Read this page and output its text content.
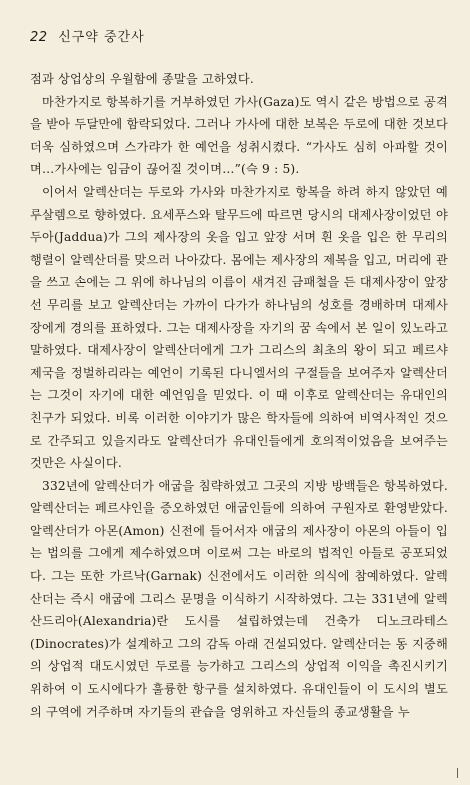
22 신구약 중간사

점과 상업상의 우월함에 종말을 고하였다.

마찬가지로 항복하기를 거부하였던 가사(Gaza)도 역시 같은 방법으로 공격을 받아 두달만에 함락되었다. 그러나 가사에 대한 보복은 두로에 대한 것보다 더욱 심하였으며 스가랴가 한 예언을 성취시켰다. “가사도 심히 아파할 것이며…가사에는 임금이 끊어질 것이며…”(슥 9 : 5).

이어서 알렉산더는 두로와 가사와 마찬가지로 항복을 하려 하지 않았던 예루살렘으로 향하였다. 요세푸스와 탈무드에 따르면 당시의 대제사장이었던 야두아(Jaddua)가 그의 제사장의 옷을 입고 앞장 서며 흰 옷을 입은 한 무리의 행렬이 알렉산더를 맞으러 나아갔다. 몸에는 제사장의 제복을 입고, 머리에 관을 쓰고 손에는 그 위에 하나님의 이름이 새겨진 금패철을 든 대제사장이 앞장 선 무리를 보고 알렉산더는 가까이 다가가 하나님의 성호를 경배하며 대제사장에게 경의를 표하였다. 그는 대제사장을 자기의 꿈 속에서 본 일이 있노라고 말하였다. 대제사장이 알렉산더에게 그가 그리스의 최초의 왕이 되고 페르샤 제국을 정벌하리라는 예언이 기록된 다니엘서의 구절들을 보여주자 알렉산더는 그것이 자기에 대한 예언임을 믿었다. 이 때 이후로 알렉산더는 유대인의 친구가 되었다. 비록 이러한 이야기가 많은 학자들에 의하여 비역사적인 것으로 간주되고 있을지라도 알렉산더가 유대인들에게 호의적이었음을 보여주는 것만은 사실이다.

332년에 알렉산더가 애굽을 침략하였고 그곳의 지방 방백들은 항복하였다. 알렉산더는 페르샤인을 증오하였던 애굽인들에 의하여 구원자로 환영받았다. 알렉산더가 아몬(Amon) 신전에 들어서자 애굽의 제사장이 아몬의 아들이 입는 법의를 그에게 제수하였으며 이로써 그는 바로의 법적인 아들로 공포되었다. 그는 또한 가르낙(Garnak) 신전에서도 이러한 의식에 참예하였다. 알렉산더는 즉시 애굽에 그리스 문명을 이식하기 시작하였다. 그는 331년에 알렉산드리아(Alexandria)란 도시를 설립하였는데 건축가 디노크라테스(Dinocrates)가 설계하고 그의 감독 아래 건설되었다. 알렉산더는 동 지중해의 상업적 대도시였던 두로를 능가하고 그리스의 상업적 이익을 촉진시키기 위하여 이 도시에다가 훌륭한 항구를 설치하였다. 유대인들이 이 도시의 별도의 구역에 거주하며 자기들의 관습을 영위하고 자신들의 종교생활을 누
